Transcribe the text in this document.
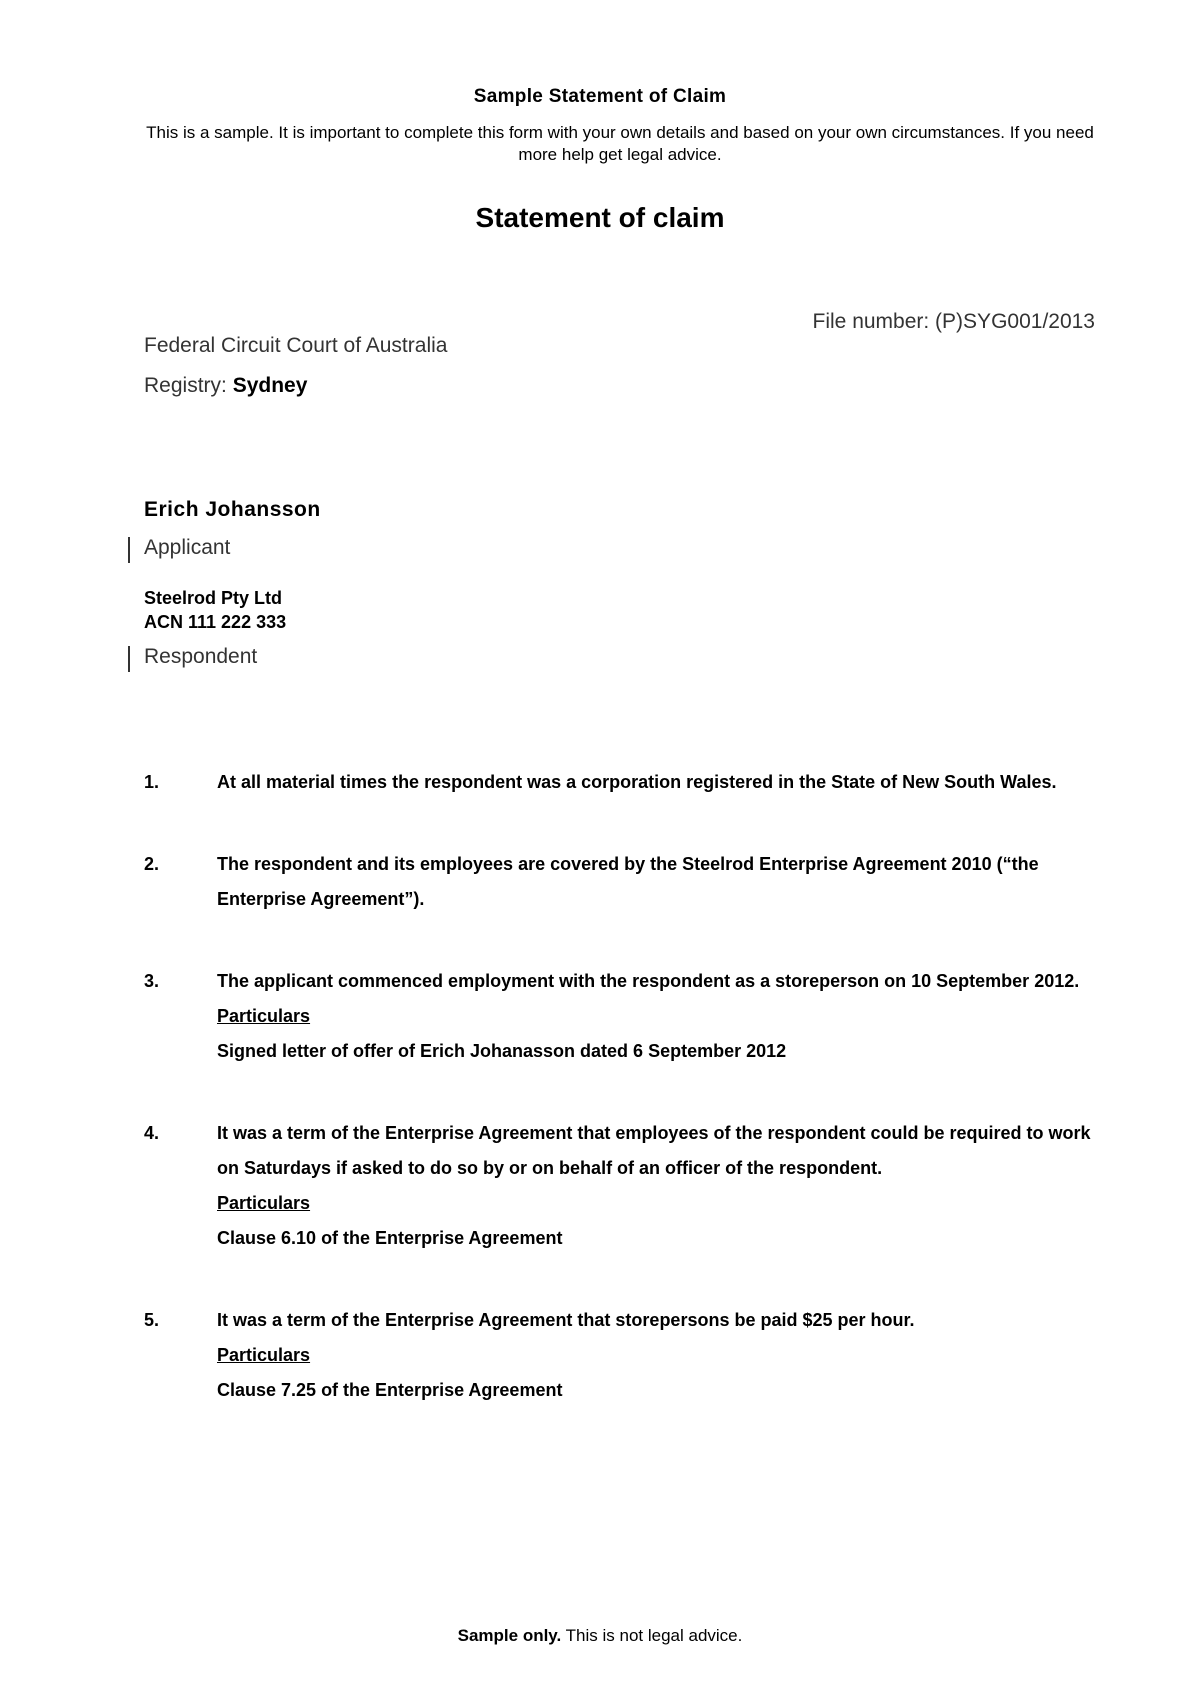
Sample Statement of Claim
This is a sample. It is important to complete this form with your own details and based on your own circumstances. If you need more help get legal advice.
Statement of claim
File number: (P)SYG001/2013
Federal Circuit Court of Australia
Registry: Sydney
Erich Johansson
Applicant
Steelrod Pty Ltd
ACN 111 222 333
Respondent
1.	At all material times the respondent was a corporation registered in the State of New South Wales.
2.	The respondent and its employees are covered by the Steelrod Enterprise Agreement 2010 (“the Enterprise Agreement”).
3.	The applicant commenced employment with the respondent as a storeperson on 10 September 2012.
Particulars
Signed letter of offer of Erich Johanasson dated 6 September 2012
4.	It was a term of the Enterprise Agreement that employees of the respondent could be required to work on Saturdays if asked to do so by or on behalf of an officer of the respondent.
Particulars
Clause 6.10 of the Enterprise Agreement
5.	It was a term of the Enterprise Agreement that storepersons be paid $25 per hour.
Particulars
Clause 7.25 of the Enterprise Agreement
Sample only. This is not legal advice.
